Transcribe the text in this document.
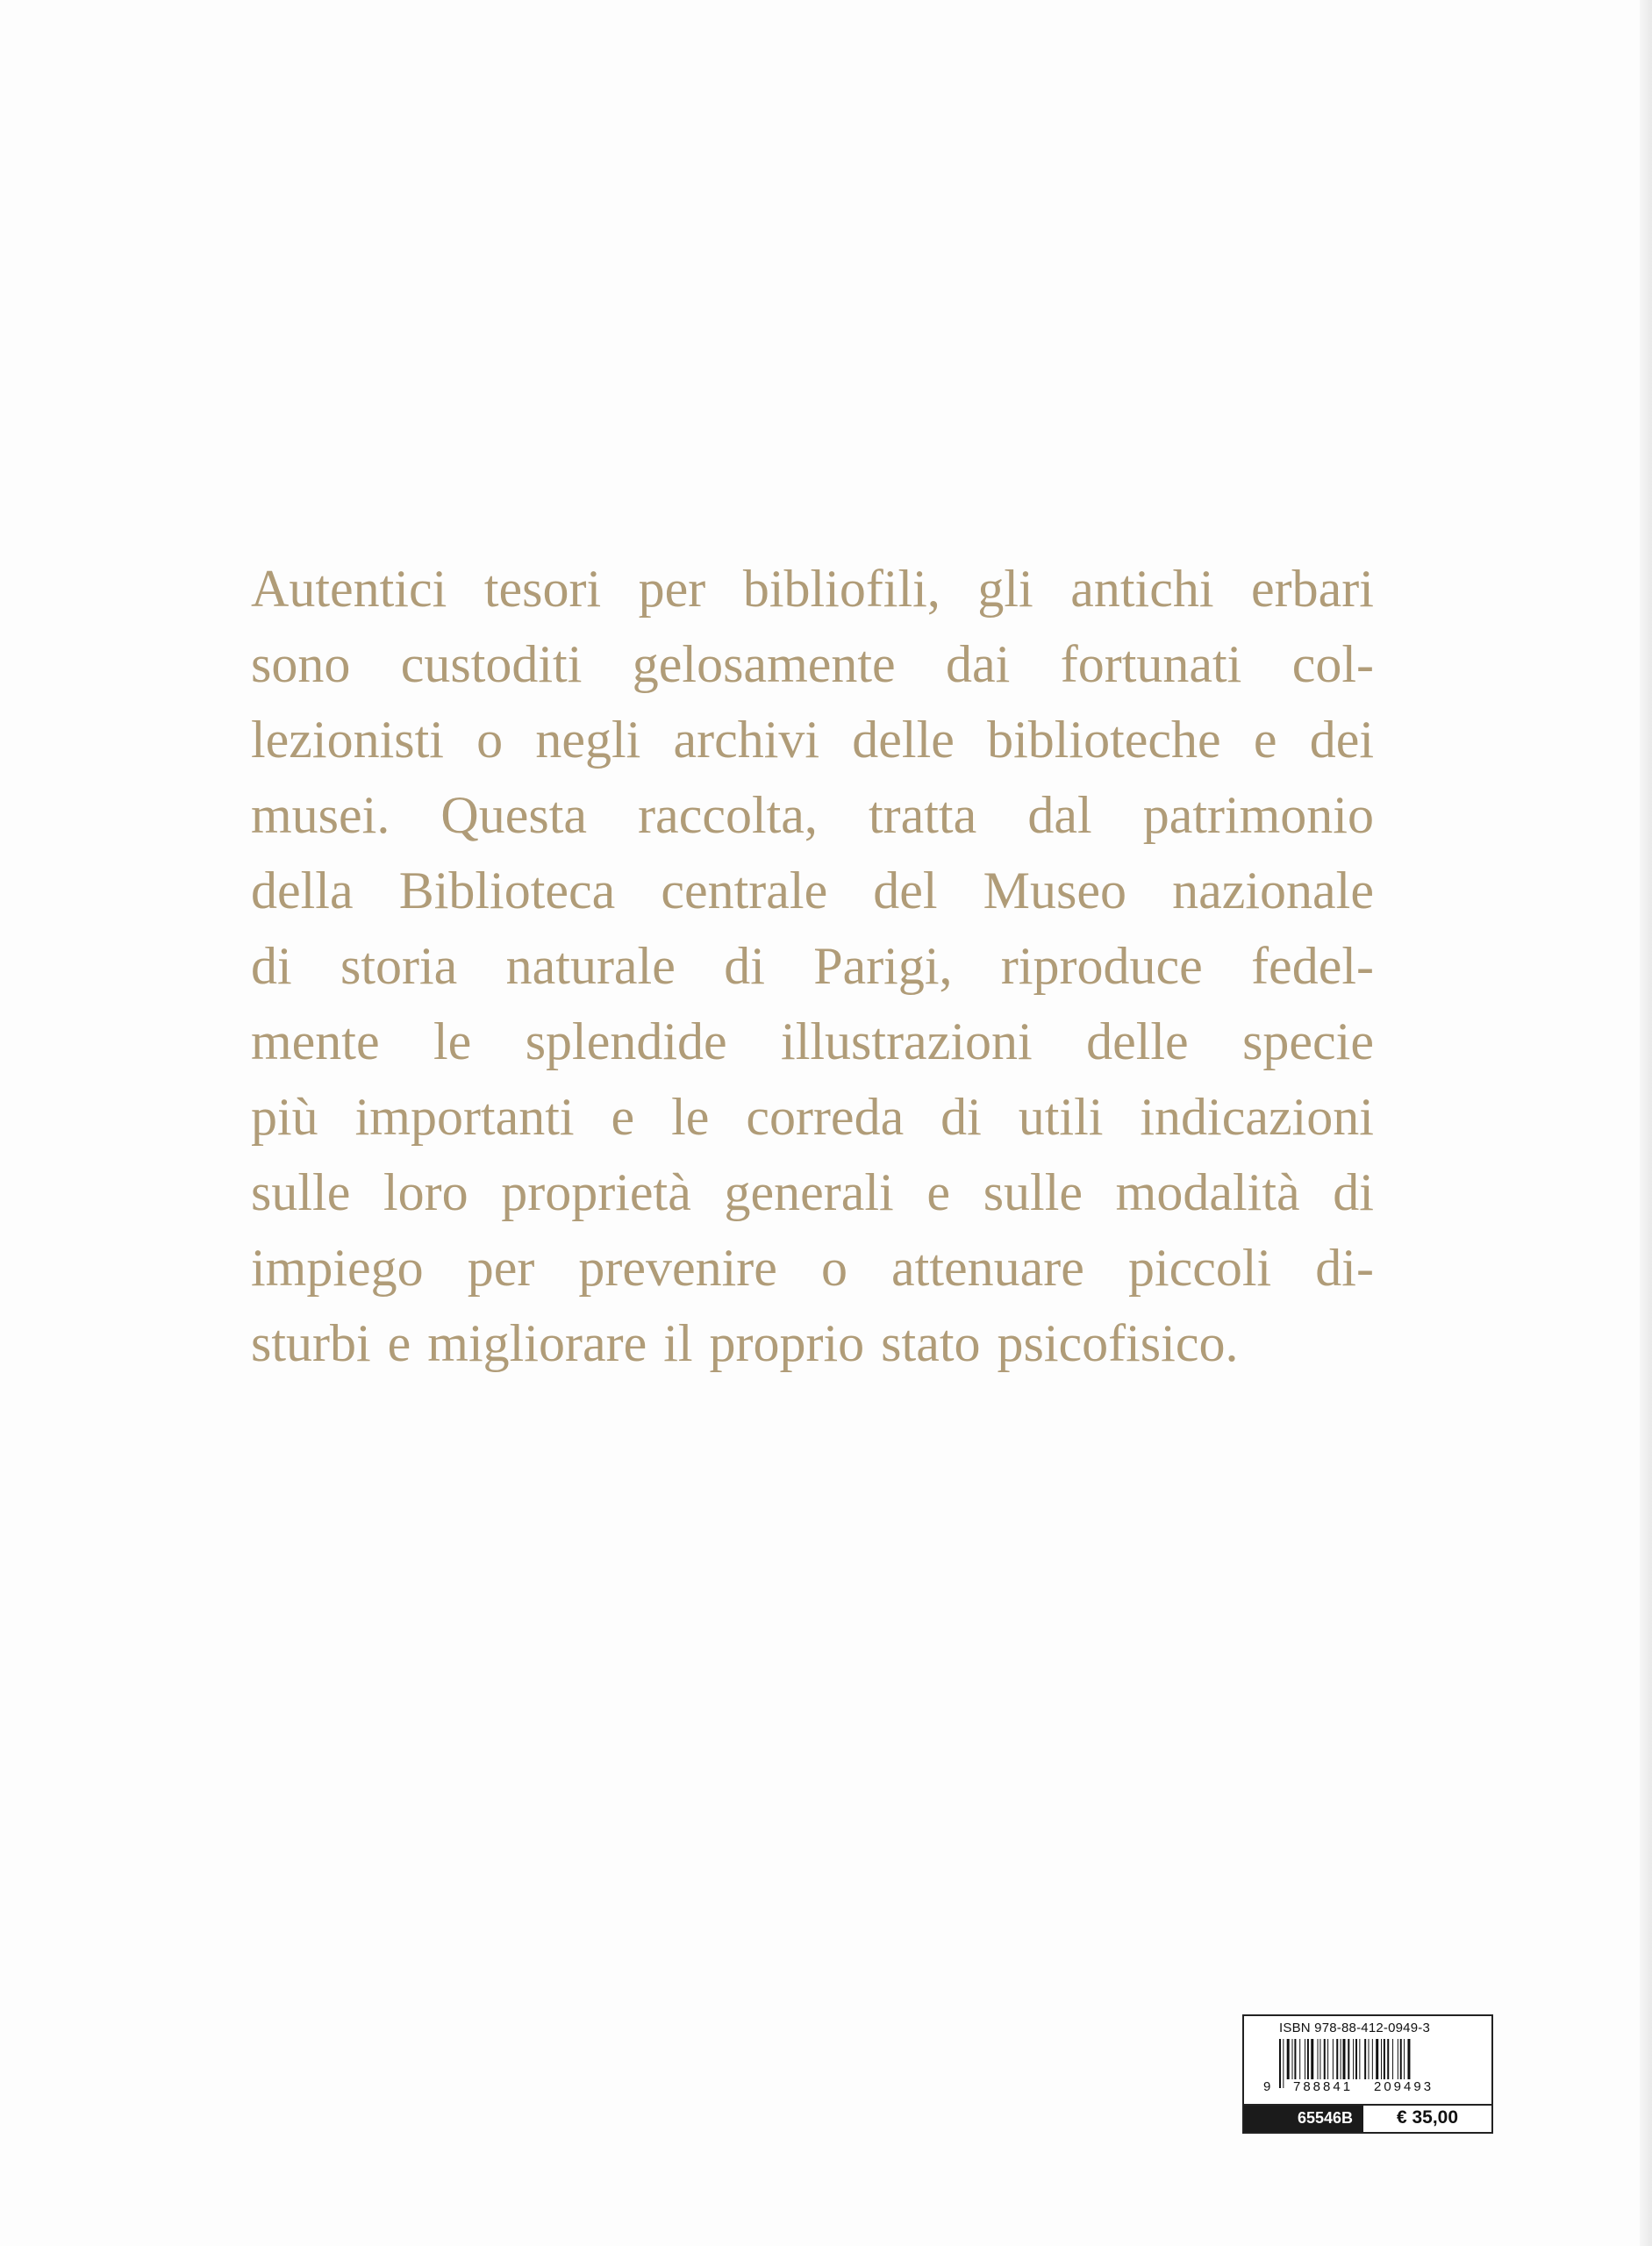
Autentici tesori per bibliofili, gli antichi erbari
sono custoditi gelosamente dai fortunati col-
lezionisti o negli archivi delle biblioteche e dei
musei. Questa raccolta, tratta dal patrimonio
della Biblioteca centrale del Museo nazionale
di storia naturale di Parigi, riproduce fedel-
mente le splendide illustrazioni delle specie
più importanti e le correda di utili indicazioni
sulle loro proprietà generali e sulle modalità di
impiego per prevenire o attenuare piccoli di-
sturbi e migliorare il proprio stato psicofisico.
ISBN 978-88-412-0949-3
9 788841 209493
65546B	€ 35,00
